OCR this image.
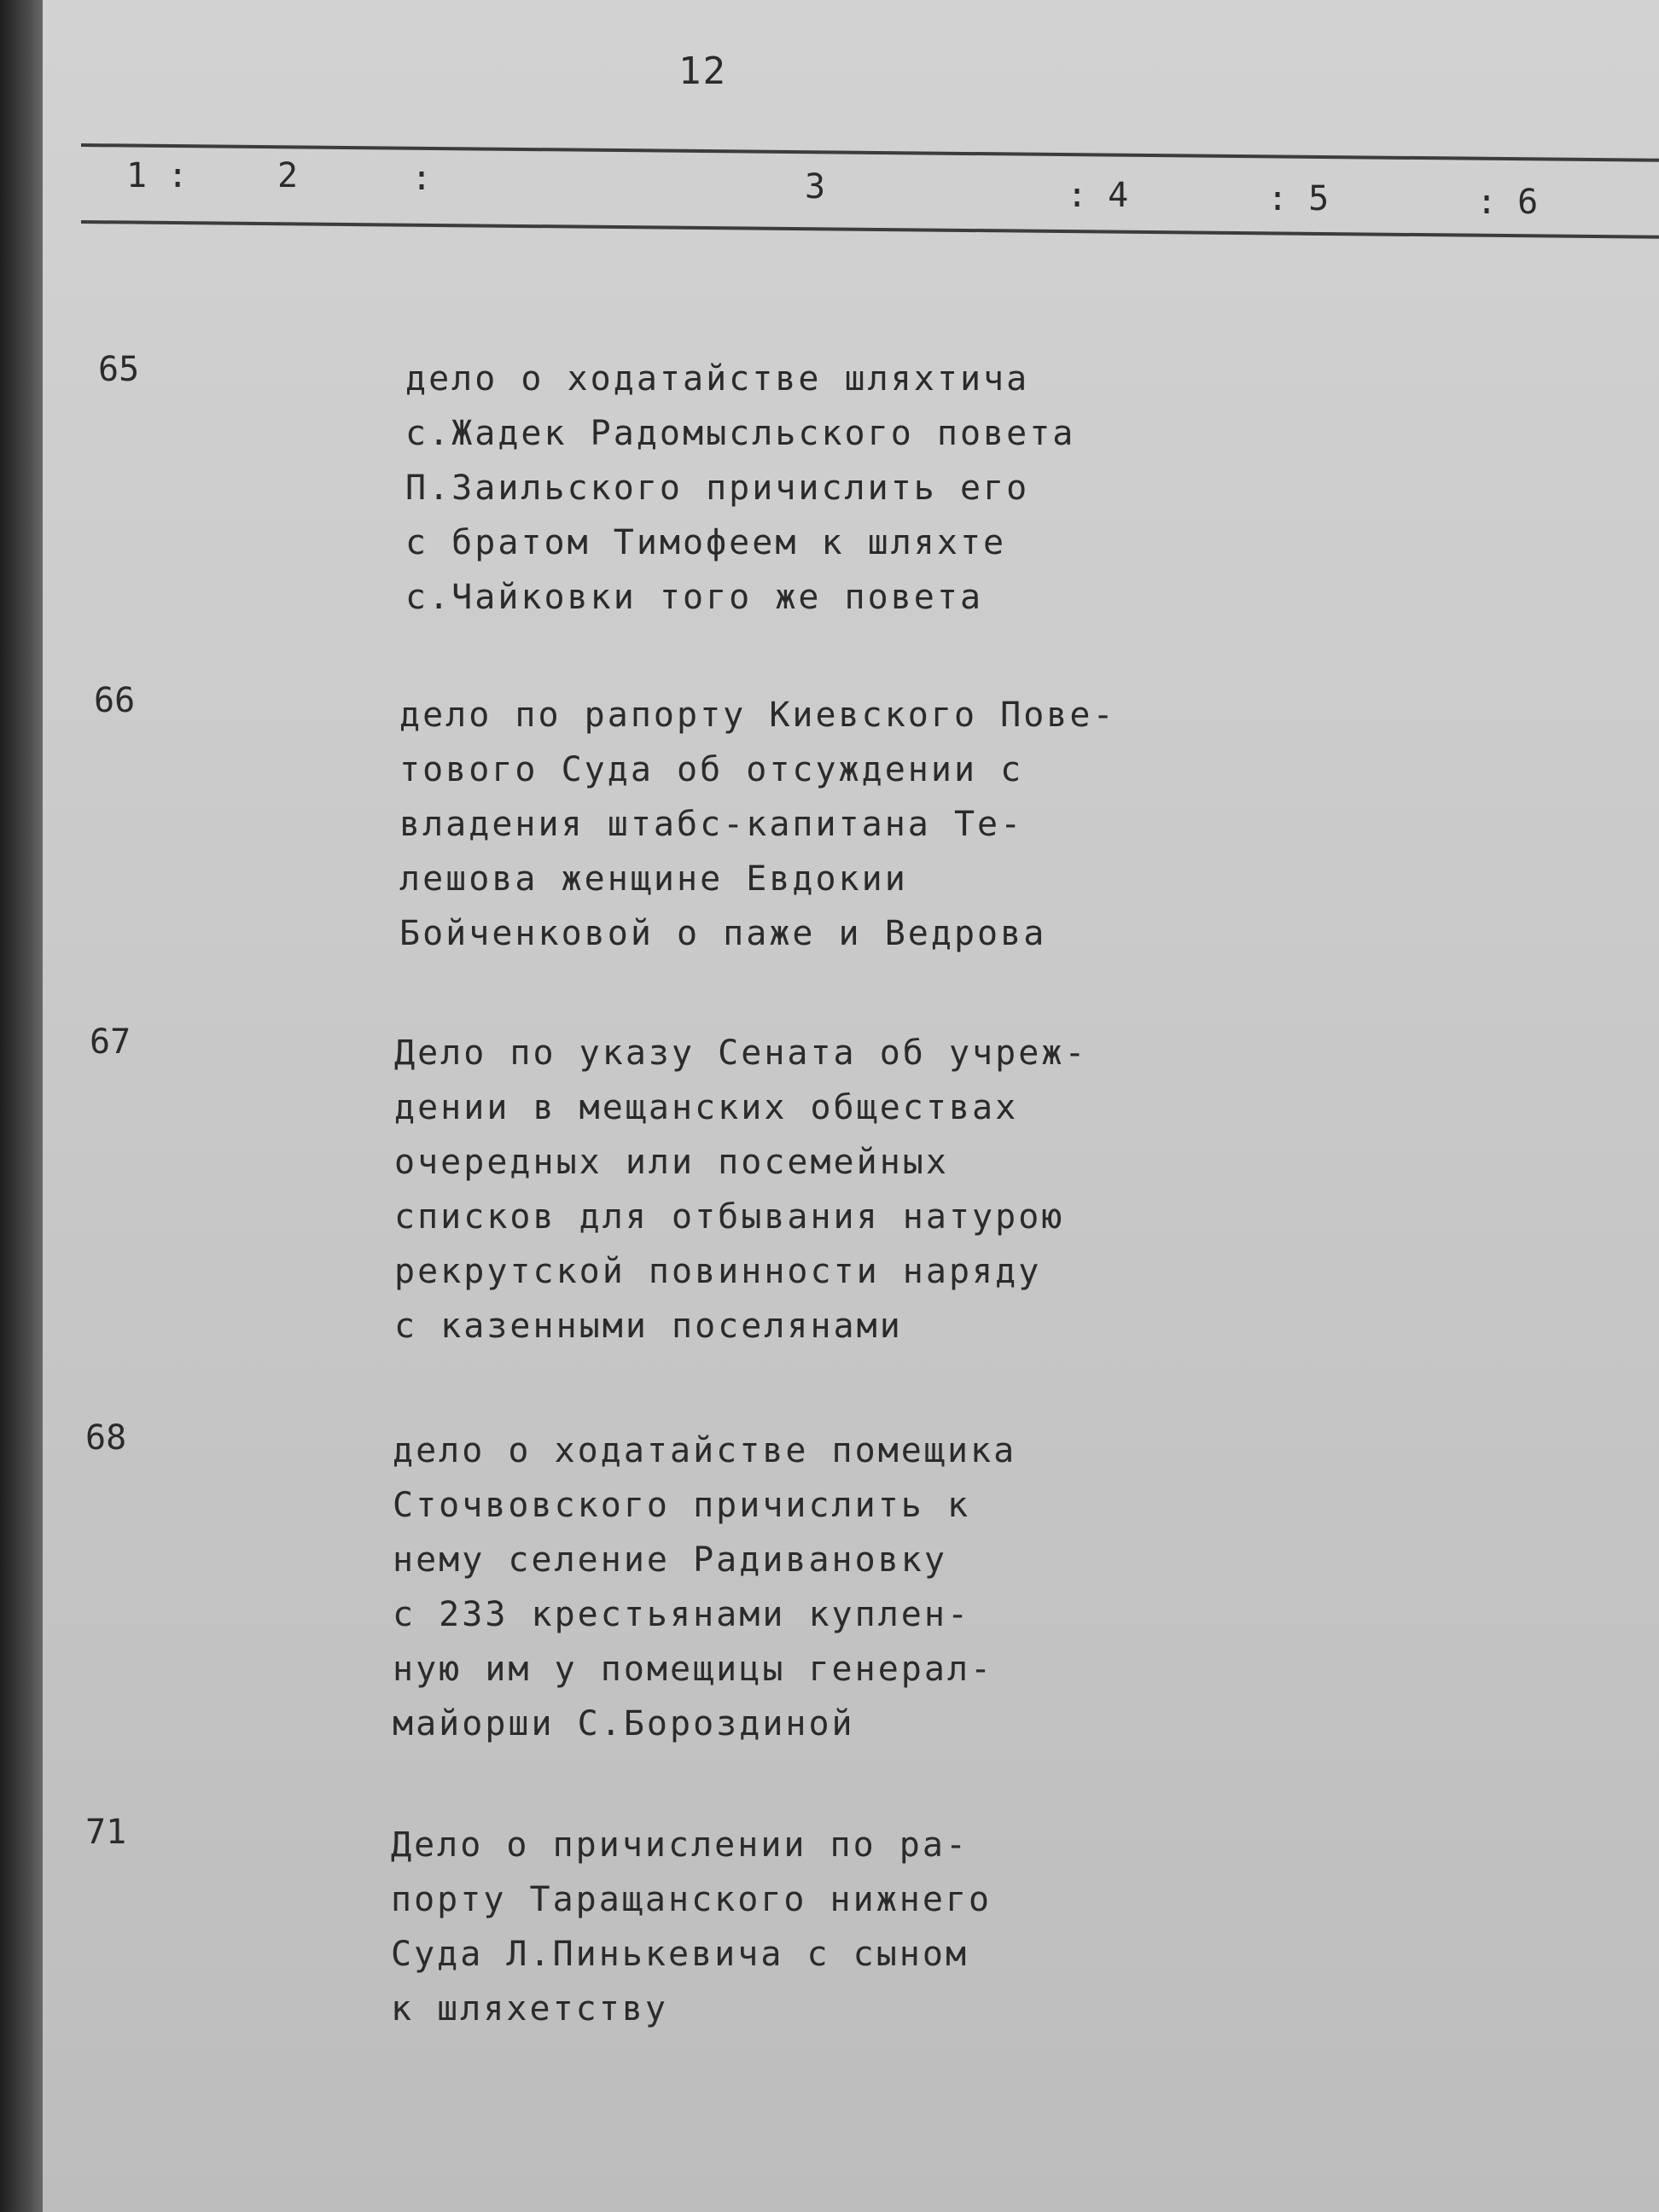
12
1 :	2	:	3	: 4	: 5	: 6
65	дело о ходатайстве шляхтича
с.Жадек Радомысльского повета
П.Заильского причислить его
с братом Тимофеем к шляхте
с.Чайковки того же повета
66	дело по рапорту Киевского Пове-
тового Суда об отсуждении с
владения штабс-капитана Те-
лешова женщине Евдокии
Бойченковой о паже и Ведрова
67	Дело по указу Сената об учреж-
дении в мещанских обществах
очередных или посемейных
списков для отбывания натурою
рекрутской повинности наряду
с казенными поселянами
68	дело о ходатайстве помещика
Сточвовского причислить к
нему селение Радивановку
с 233 крестьянами куплен-
ную им у помещицы генерал-
майорши С.Бороздиной
71	Дело о причислении по ра-
порту Таращанского нижнего
Суда Л.Пинькевича с сыном
к шляхетству
